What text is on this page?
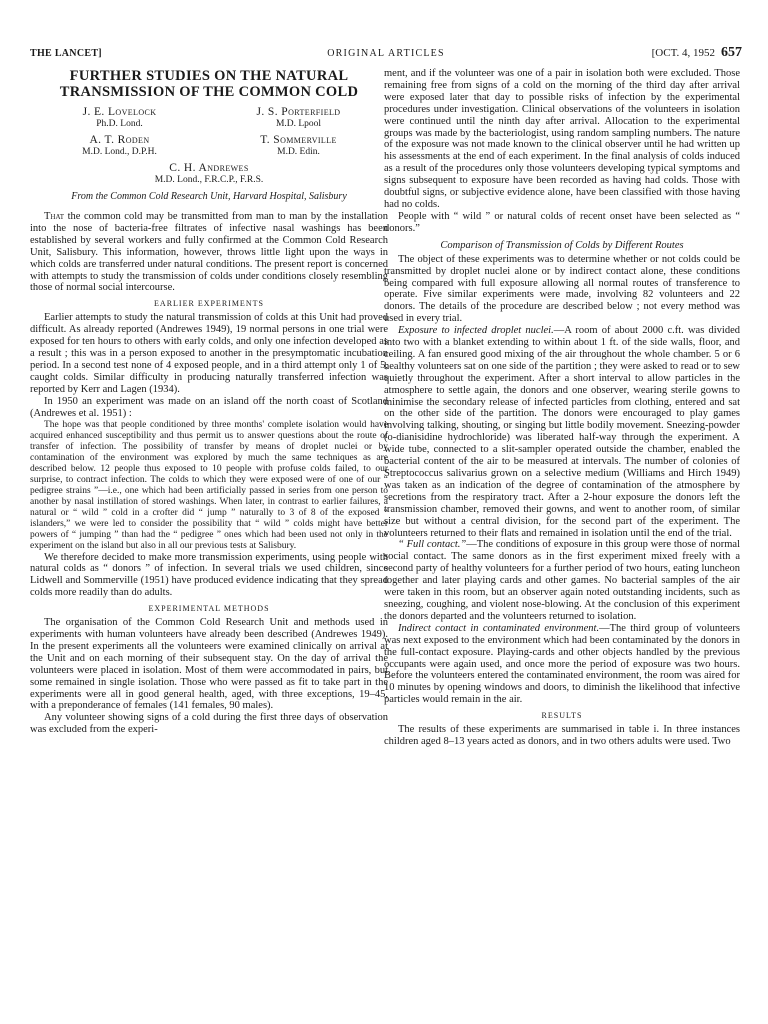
THE LANCET]	ORIGINAL ARTICLES	[OCT. 4, 1952 657
FURTHER STUDIES ON THE NATURAL
TRANSMISSION OF THE COMMON COLD
J. E. Lovelock
Ph.D. Lond.
J. S. Porterfield
M.D. Lpool
A. T. Roden
M.D. Lond., D.P.H.
T. Sommerville
M.D. Edin.
C. H. Andrewes
M.D. Lond., F.R.C.P., F.R.S.
From the Common Cold Research Unit, Harvard Hospital, Salisbury

That the common cold may be transmitted from man to man by the installation into the nose of bacteria-free filtrates of infective nasal washings has been established by several workers and fully confirmed at the Common Cold Research Unit, Salisbury. This information, however, throws little light upon the ways in which colds are transferred under natural conditions. The present report is concerned with attempts to study the transmission of colds under conditions closely resembling those of normal social intercourse.

EARLIER EXPERIMENTS

Earlier attempts to study the natural transmission of colds at this Unit had proved difficult. As already reported (Andrewes 1949), 19 normal persons in one trial were exposed for ten hours to others with early colds, and only one infection developed as a result ; this was in a person exposed to another in the presymptomatic incubation period. In a second test none of 4 exposed people, and in a third attempt only 1 of 5, caught colds. Similar difficulty in producing naturally transferred infection was reported by Kerr and Lagen (1934).

In 1950 an experiment was made on an island off the north coast of Scotland (Andrewes et al. 1951) :

The hope was that people conditioned by three months' complete isolation would have acquired enhanced susceptibility and thus permit us to answer questions about the route of transfer of infection. The possibility of transfer by means of droplet nuclei or by contamination of the environment was explored by much the same techniques as are described below. 12 people thus exposed to 10 people with profuse colds failed, to our surprise, to contract infection. The colds to which they were exposed were of one of our “ pedigree strains ”—i.e., one which had been artificially passed in series from one person to another by nasal instillation of stored washings. When later, in contrast to earlier failures, a natural or “ wild ” cold in a crofter did “ jump ” naturally to 3 of 8 of the exposed “ islanders,” we were led to consider the possibility that “ wild ” colds might have better powers of “ jumping ” than had the “ pedigree ” ones which had been used not only in the experiment on the island but also in all our previous tests at Salisbury.

We therefore decided to make more transmission experiments, using people with natural colds as “ donors ” of infection. In several trials we used children, since Lidwell and Sommerville (1951) have produced evidence indicating that they spread colds more readily than do adults.

EXPERIMENTAL METHODS

The organisation of the Common Cold Research Unit and methods used in experiments with human volunteers have already been described (Andrewes 1949). In the present experiments all the volunteers were examined clinically on arrival at the Unit and on each morning of their subsequent stay. On the day of arrival the volunteers were placed in isolation. Most of them were accommodated in pairs, but some remained in single isolation. Those who were passed as fit to take part in the experiments were all in good general health, aged, with three exceptions, 19–45, with a preponderance of females (141 females, 90 males).

Any volunteer showing signs of a cold during the first three days of observation was excluded from the experi-

ment, and if the volunteer was one of a pair in isolation both were excluded. Those remaining free from signs of a cold on the morning of the third day after arrival were exposed later that day to possible risks of infection by the experimental procedures under investigation. Clinical observations of the volunteers in isolation were continued until the ninth day after arrival. Allocation to the experimental groups was made by the bacteriologist, using random sampling numbers. The nature of the exposure was not made known to the clinical observer until he had written up his assessments at the end of each experiment. In the final analysis of colds induced as a result of the procedures only those volunteers developing typical symptoms and signs subsequent to exposure have been recorded as having had colds. Those with doubtful signs, or subjective evidence alone, have been classified with those having had no colds.

People with “ wild ” or natural colds of recent onset have been selected as “ donors.”

Comparison of Transmission of Colds by Different Routes

The object of these experiments was to determine whether or not colds could be transmitted by droplet nuclei alone or by indirect contact alone, these conditions being compared with full exposure allowing all normal routes of transference to operate. Five similar experiments were made, involving 82 volunteers and 22 donors. The details of the procedure are described below ; not every method was used in every trial.

Exposure to infected droplet nuclei.—A room of about 2000 c.ft. was divided into two with a blanket extending to within about 1 ft. of the side walls, floor, and ceiling. A fan ensured good mixing of the air throughout the whole chamber. 5 or 6 healthy volunteers sat on one side of the partition ; they were asked to read or to sew quietly throughout the experiment. After a short interval to allow particles in the atmosphere to settle again, the donors and one observer, wearing sterile gowns to minimise the secondary release of infected particles from clothing, entered and sat on the other side of the partition. The donors were encouraged to play games involving talking, shouting, or singing but little bodily movement. Sneezing-powder (o-dianisidine hydrochloride) was liberated half-way through the experiment. A wide tube, connected to a slit-sampler operated outside the chamber, enabled the bacterial content of the air to be measured at intervals. The number of colonies of Streptococcus salivarius grown on a selective medium (Williams and Hirch 1949) was taken as an indication of the degree of contamination of the atmosphere by secretions from the respiratory tract. After a 2-hour exposure the donors left the transmission chamber, removed their gowns, and went to another room, of similar size but without a central division, for the second part of the experiment. The volunteers returned to their flats and remained in isolation until the end of the trial.

“ Full contact.”—The conditions of exposure in this group were those of normal social contact. The same donors as in the first experiment mixed freely with a second party of healthy volunteers for a further period of two hours, eating luncheon together and later playing cards and other games. No bacterial samples of the air were taken in this room, but an observer again noted outstanding incidents, such as sneezing, coughing, and violent nose-blowing. At the conclusion of this experiment the donors departed and the volunteers returned to isolation.

Indirect contact in contaminated environment.—The third group of volunteers was next exposed to the environment which had been contaminated by the donors in the full-contact exposure. Playing-cards and other objects handled by the previous occupants were again used, and once more the period of exposure was two hours. Before the volunteers entered the contaminated environment, the room was aired for 10 minutes by opening windows and doors, to diminish the likelihood that infective particles would remain in the air.

RESULTS

The results of these experiments are summarised in table i. In three instances children aged 8–13 years acted as donors, and in two others adults were used. Two
